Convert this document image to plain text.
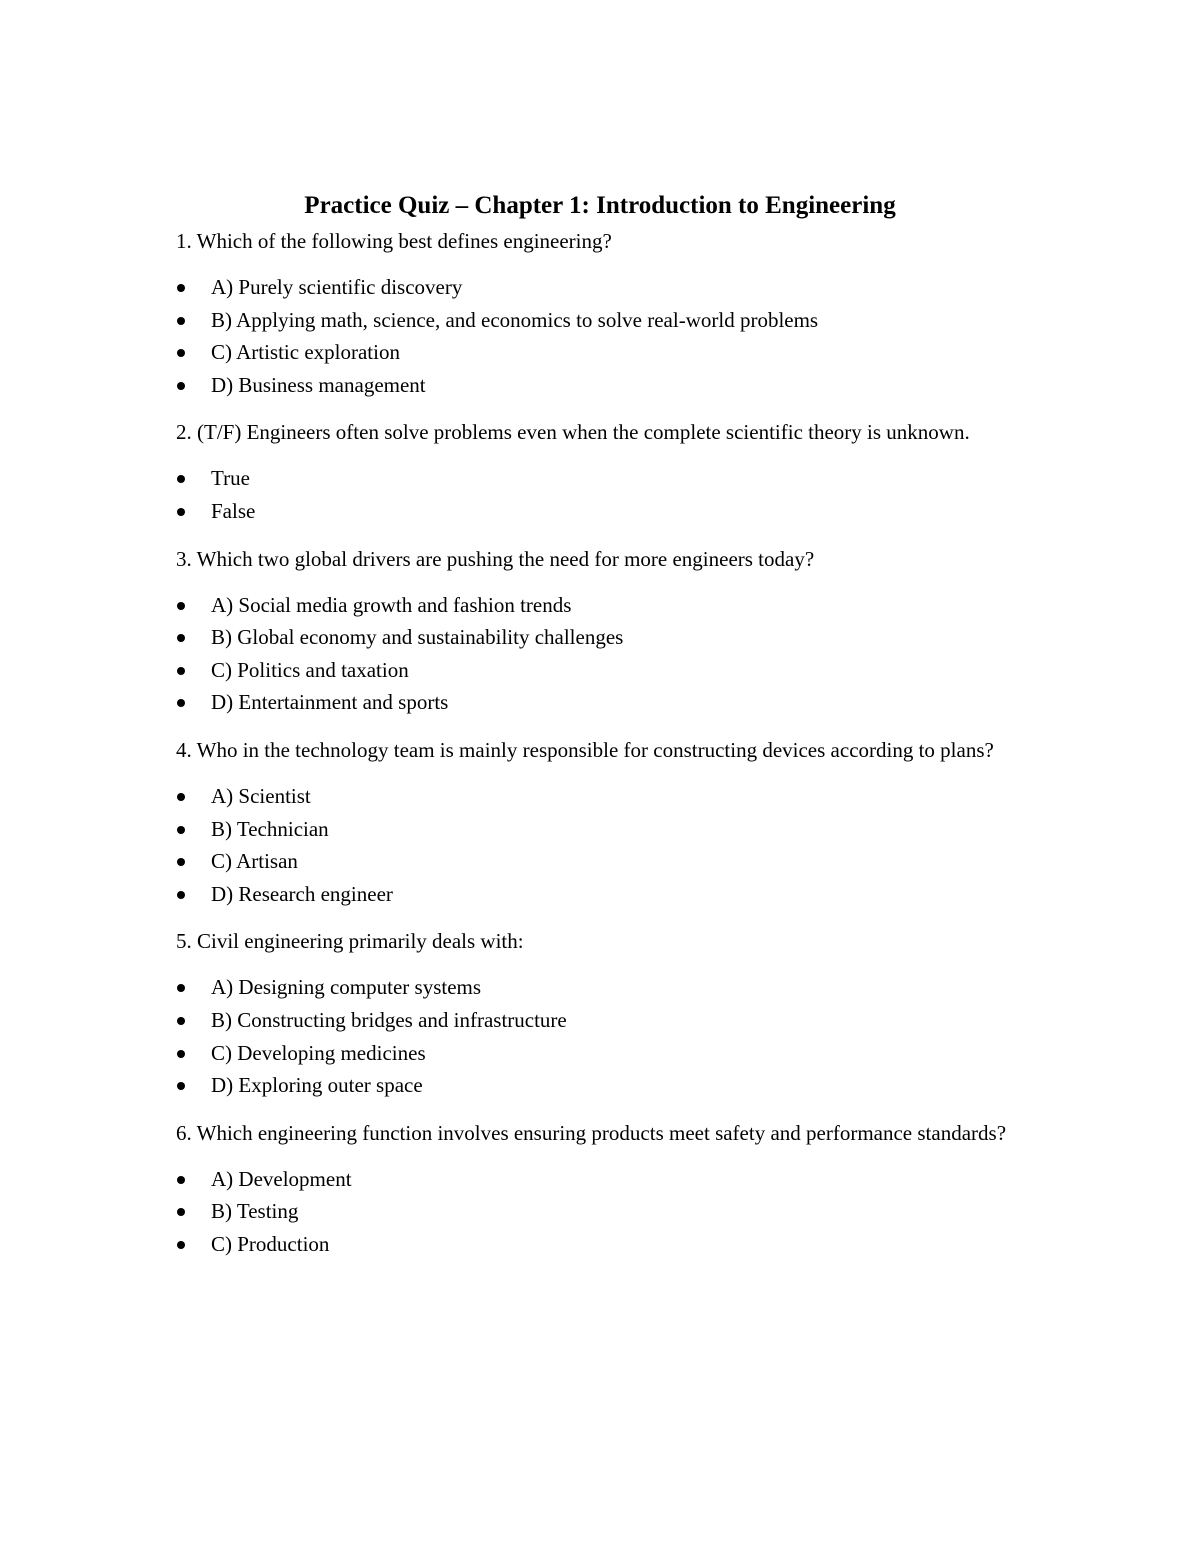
Practice Quiz – Chapter 1: Introduction to Engineering

1. Which of the following best defines engineering?

A) Purely scientific discovery
B) Applying math, science, and economics to solve real-world problems
C) Artistic exploration
D) Business management

2. (T/F) Engineers often solve problems even when the complete scientific theory is unknown.

True
False

3. Which two global drivers are pushing the need for more engineers today?

A) Social media growth and fashion trends
B) Global economy and sustainability challenges
C) Politics and taxation
D) Entertainment and sports

4. Who in the technology team is mainly responsible for constructing devices according to plans?

A) Scientist
B) Technician
C) Artisan
D) Research engineer

5. Civil engineering primarily deals with:

A) Designing computer systems
B) Constructing bridges and infrastructure
C) Developing medicines
D) Exploring outer space

6. Which engineering function involves ensuring products meet safety and performance standards?

A) Development
B) Testing
C) Production
